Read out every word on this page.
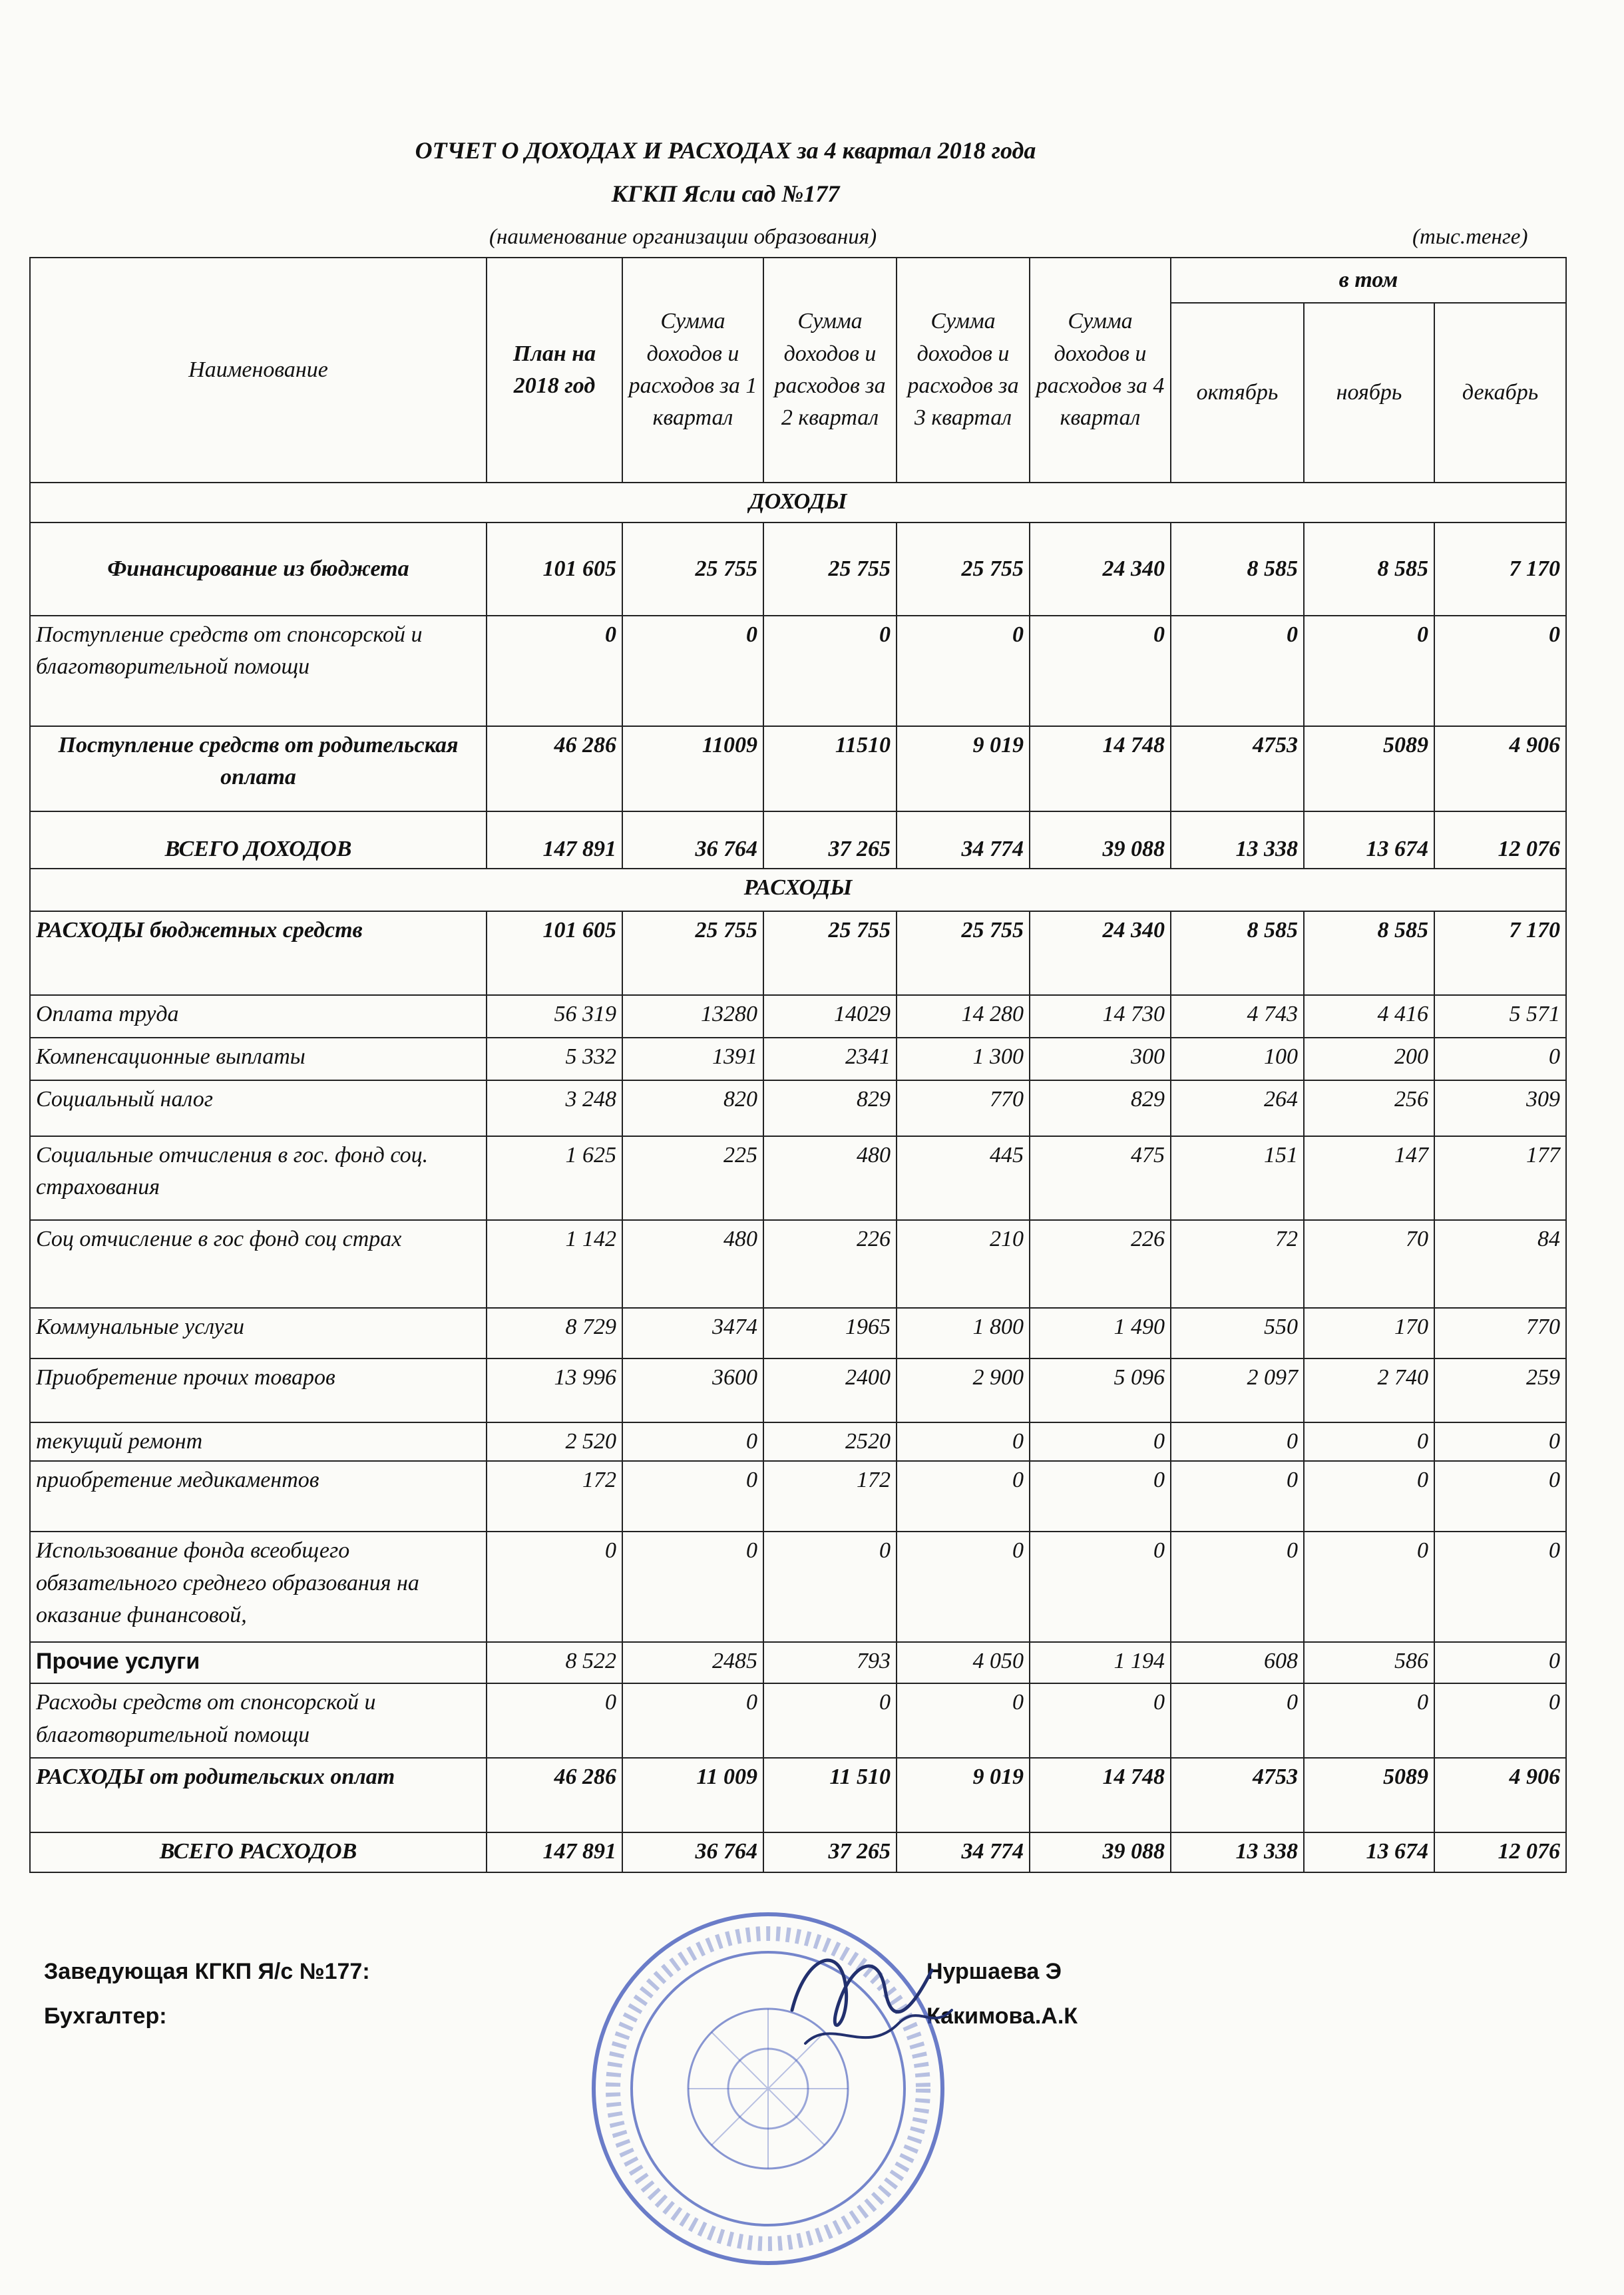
ОТЧЕТ О ДОХОДАХ И РАСХОДАХ за 4 квартал 2018 года
КГКП Ясли сад №177
(наименование организации образования)	(тыс.тенге)
Наименование	План на 2018 год	Сумма доходов и расходов за 1 квартал	Сумма доходов и расходов за 2 квартал	Сумма доходов и расходов за 3 квартал	Сумма доходов и расходов за 4 квартал	в том		
						октябрь	ноябрь	декабрь
ДОХОДЫ								
Финансирование из бюджета	101 605	25 755	25 755	25 755	24 340	8 585	8 585	7 170
Поступление средств от спонсорской и благотворительной помощи	0	0	0	0	0	0	0	0
Поступление средств от родительская оплата	46 286	11009	11510	9 019	14 748	4753	5089	4 906
ВСЕГО ДОХОДОВ	147 891	36 764	37 265	34 774	39 088	13 338	13 674	12 076
РАСХОДЫ								
РАСХОДЫ бюджетных средств	101 605	25 755	25 755	25 755	24 340	8 585	8 585	7 170
Оплата труда	56 319	13280	14029	14 280	14 730	4 743	4 416	5 571
Компенсационные выплаты	5 332	1391	2341	1 300	300	100	200	0
Социальный налог	3 248	820	829	770	829	264	256	309
Социальные отчисления в гос. фонд соц. страхования	1 625	225	480	445	475	151	147	177
Соц отчисление в гос фонд соц страх	1 142	480	226	210	226	72	70	84
Коммунальные услуги	8 729	3474	1965	1 800	1 490	550	170	770
Приобретение прочих товаров	13 996	3600	2400	2 900	5 096	2 097	2 740	259
текущий ремонт	2 520	0	2520	0	0	0	0	0
приобретение медикаментов	172	0	172	0	0	0	0	0
Использование фонда всеобщего обязательного среднего образования на оказание финансовой,	0	0	0	0	0	0	0	0
Прочие услуги	8 522	2485	793	4 050	1 194	608	586	0
Расходы средств от спонсорской и благотворительной помощи	0	0	0	0	0	0	0	0
РАСХОДЫ от родительских оплат	46 286	11 009	11 510	9 019	14 748	4753	5089	4 906
ВСЕГО РАСХОДОВ	147 891	36 764	37 265	34 774	39 088	13 338	13 674	12 076
Заведующая КГКП Я/с №177:
Бухгалтер:
Нуршаева Э
Какимова.А.К
